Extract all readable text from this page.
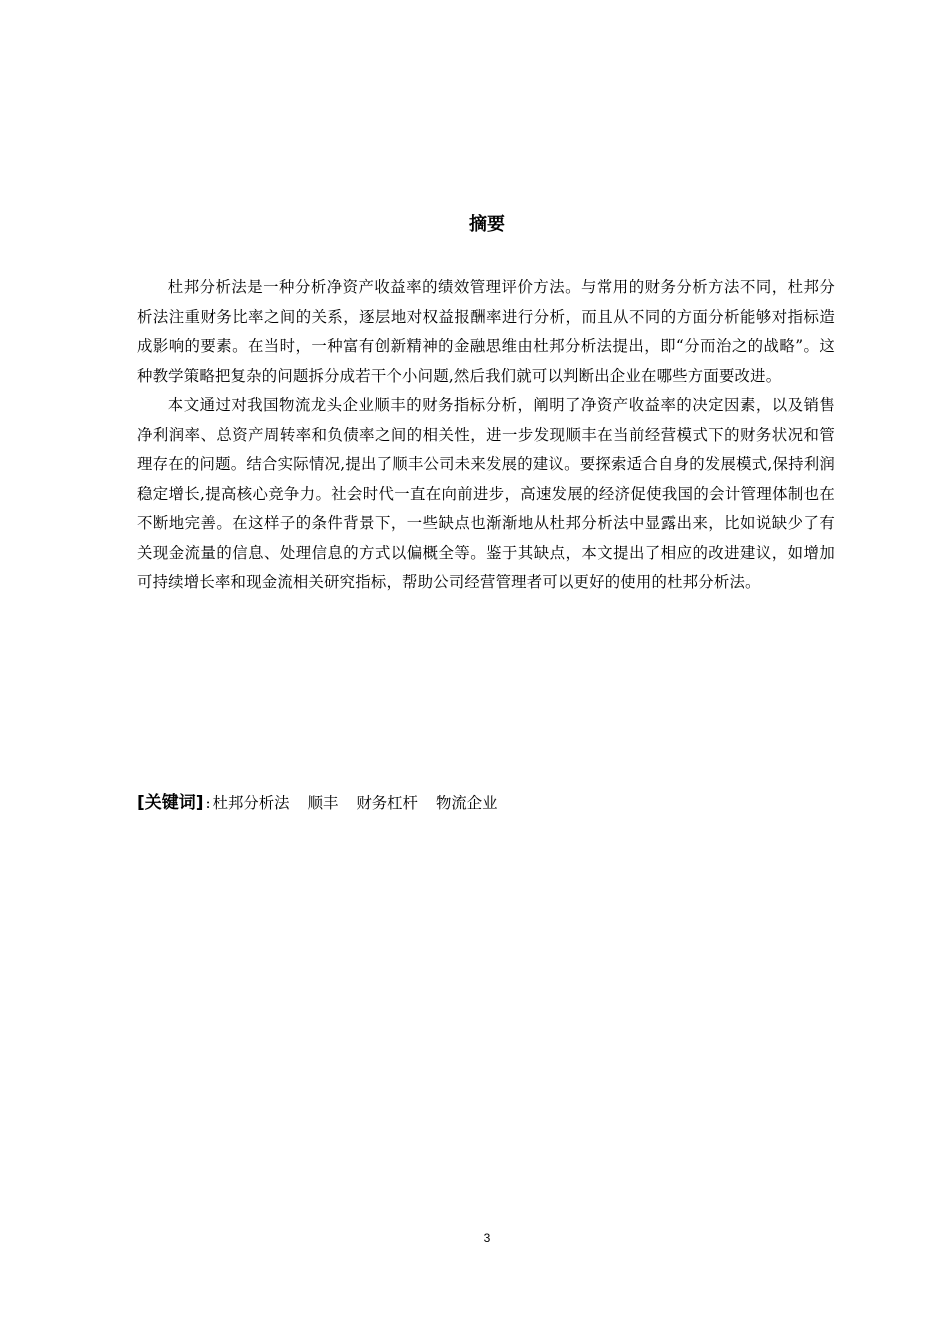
摘要

杜邦分析法是一种分析净资产收益率的绩效管理评价方法。与常用的财务分析方法不同，杜邦分析法注重财务比率之间的关系，逐层地对权益报酬率进行分析，而且从不同的方面分析能够对指标造成影响的要素。在当时，一种富有创新精神的金融思维由杜邦分析法提出，即“分而治之的战略”。这种教学策略把复杂的问题拆分成若干个小问题,然后我们就可以判断出企业在哪些方面要改进。

本文通过对我国物流龙头企业顺丰的财务指标分析，阐明了净资产收益率的决定因素，以及销售净利润率、总资产周转率和负债率之间的相关性，进一步发现顺丰在当前经营模式下的财务状况和管理存在的问题。结合实际情况,提出了顺丰公司未来发展的建议。要探索适合自身的发展模式,保持利润稳定增长,提高核心竞争力。社会时代一直在向前进步，高速发展的经济促使我国的会计管理体制也在不断地完善。在这样子的条件背景下，一些缺点也渐渐地从杜邦分析法中显露出来，比如说缺少了有关现金流量的信息、处理信息的方式以偏概全等。鉴于其缺点，本文提出了相应的改进建议，如增加可持续增长率和现金流相关研究指标，帮助公司经营管理者可以更好的使用的杜邦分析法。

[关键词] : 杜邦分析法 顺丰 财务杠杆 物流企业
3
